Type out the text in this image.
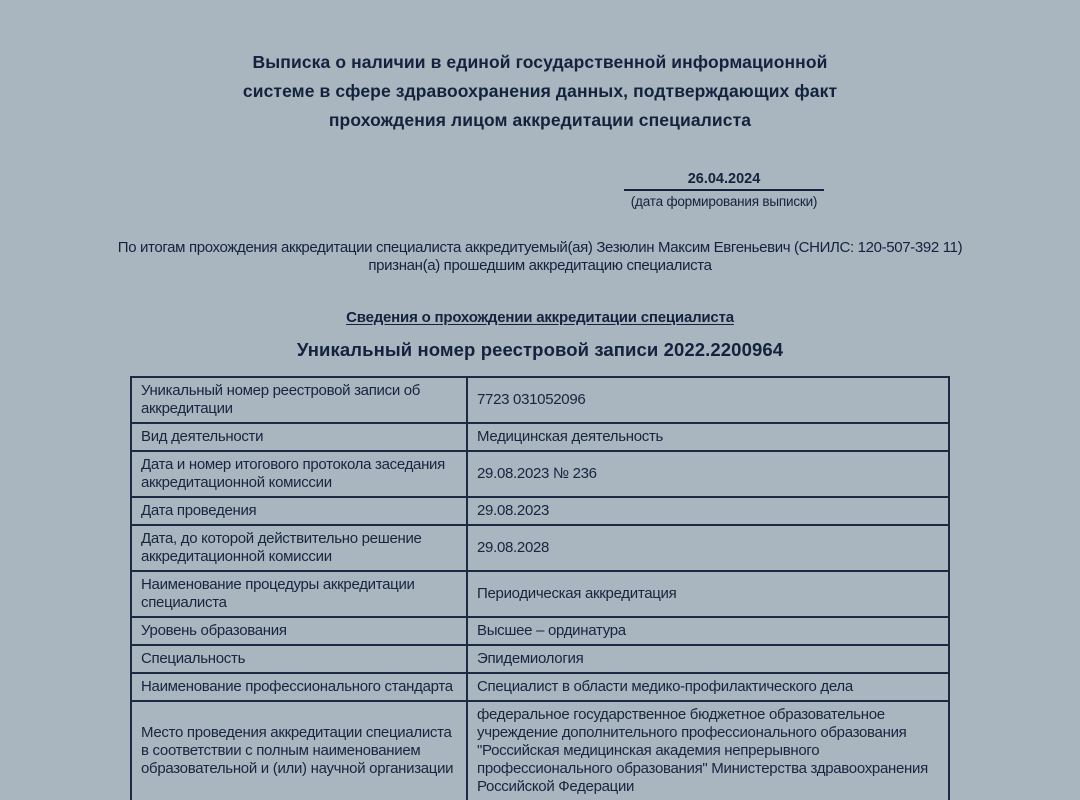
Выписка о наличии в единой государственной информационной
системе в сфере здравоохранения данных, подтверждающих факт
прохождения лицом аккредитации специалиста
26.04.2024
(дата формирования выписки)
По итогам прохождения аккредитации специалиста аккредитуемый(ая) Зезюлин Максим Евгеньевич (СНИЛС: 120-507-392 11)
признан(а) прошедшим аккредитацию специалиста
Сведения о прохождении аккредитации специалиста
Уникальный номер реестровой записи 2022.2200964
Уникальный номер реестровой записи об аккредитации	7723 031052096
Вид деятельности	Медицинская деятельность
Дата и номер итогового протокола заседания аккредитационной комиссии	29.08.2023 № 236
Дата проведения	29.08.2023
Дата, до которой действительно решение аккредитационной комиссии	29.08.2028
Наименование процедуры аккредитации специалиста	Периодическая аккредитация
Уровень образования	Высшее – ординатура
Специальность	Эпидемиология
Наименование профессионального стандарта	Специалист в области медико-профилактического дела
Место проведения аккредитации специалиста в соответствии с полным наименованием образовательной и (или) научной организации	федеральное государственное бюджетное образовательное учреждение дополнительного профессионального образования "Российская медицинская академия непрерывного профессионального образования" Министерства здравоохранения Российской Федерации
